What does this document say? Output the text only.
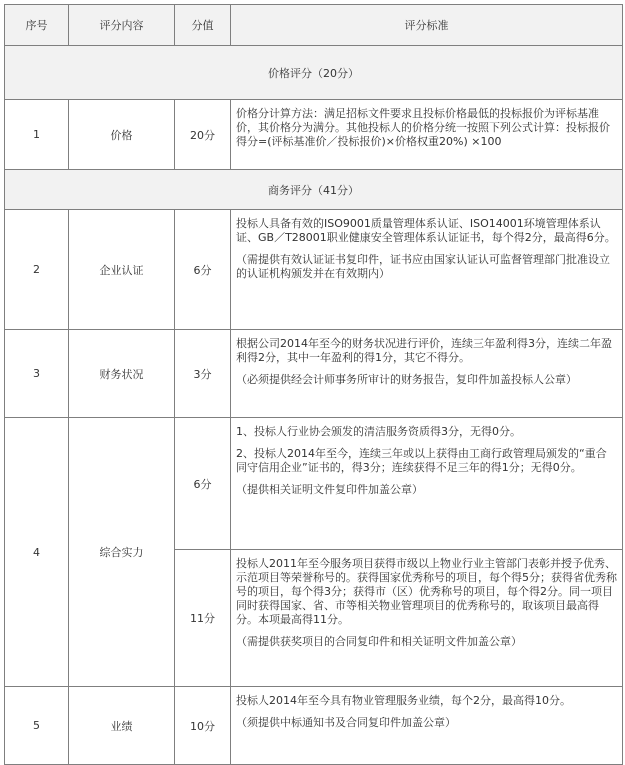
序号	评分内容	分值	评分标准
价格评分（20分）			
1	价格	20分	价格分计算方法：满足招标文件要求且投标价格最低的投标报价为评标基准价，其价格分为满分。其他投标人的价格分统一按照下列公式计算：投标报价得分=(评标基准价／投标报价)×价格权重20%) ×100

商务评分（41分）			
2	企业认证	6分	投标人具备有效的ISO9001质量管理体系认证、ISO14001环境管理体系认证、GB／T28001职业健康安全管理体系认证证书，每个得2分，最高得6分。

（需提供有效认证证书复印件，证书应由国家认证认可监督管理部门批准设立的认证机构颁发并在有效期内）

3	财务状况	3分	根据公司2014年至今的财务状况进行评价，连续三年盈利得3分，连续二年盈利得2分，其中一年盈利的得1分，其它不得分。

（必须提供经会计师事务所审计的财务报告，复印件加盖投标人公章）

4	综合实力	6分	1、投标人行业协会颁发的清洁服务资质得3分，无得0分。

2、投标人2014年至今，连续三年或以上获得由工商行政管理局颁发的“重合同守信用企业”证书的，得3分；连续获得不足三年的得1分；无得0分。

（提供相关证明文件复印件加盖公章）

		11分	投标人2011年至今服务项目获得市级以上物业行业主管部门表彰并授予优秀、示范项目等荣誉称号的。获得国家优秀称号的项目，每个得5分；获得省优秀称号的项目，每个得3分；获得市（区）优秀称号的项目，每个得2分。同一项目同时获得国家、省、市等相关物业管理项目的优秀称号的，取该项目最高得分。本项最高得11分。

（需提供获奖项目的合同复印件和相关证明文件加盖公章）

5	业绩	10分	投标人2014年至今具有物业管理服务业绩，每个2分，最高得10分。

（须提供中标通知书及合同复印件加盖公章）
